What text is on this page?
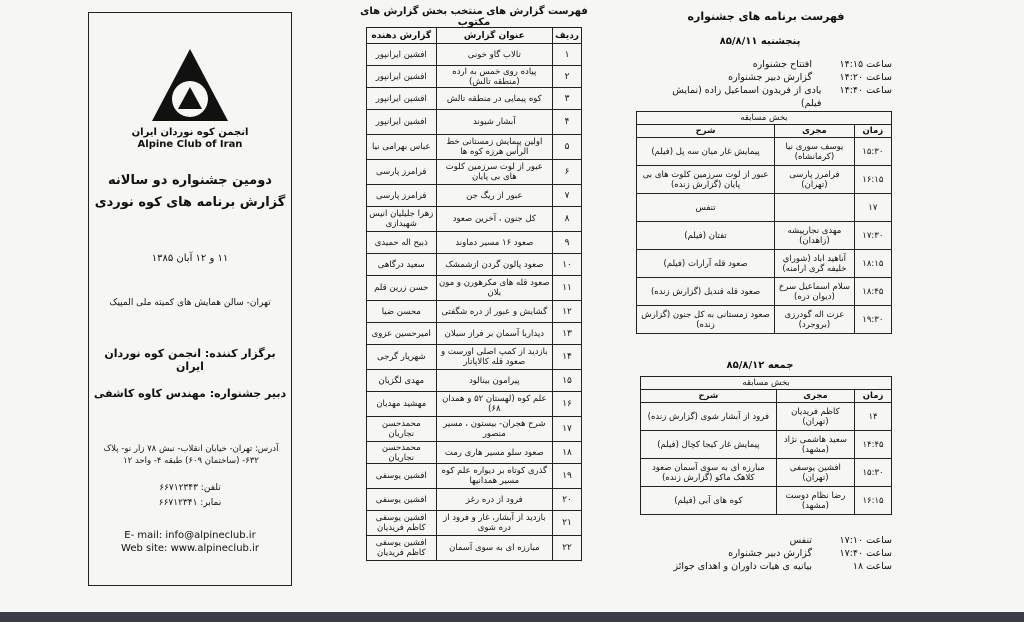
انجمن کوه نوردان ایران
Alpine Club of Iran
دومین جشنواره دو سالانه
گزارش برنامه های کوه نوردی
۱۱ و ۱۲ آبان ۱۳۸۵
تهران- سالن همایش های کمیته ملی المپیک
برگزار کننده: انجمن کوه نوردان ایران
دبیر جشنواره: مهندس کاوه کاشفی
آدرس: تهران- خیابان انقلاب- نبش ۷۸ زار نو- پلاک ۶۳۲- (ساختمان ۶۰۹) طبقه ۴- واحد ۱۲
تلفن: ۶۶۷۱۲۳۴۳
نمابر: ۶۶۷۱۲۳۴۱
E- mail: info@alpineclub.ir
Web site: www.alpineclub.ir
فهرست گزارش های منتخب بخش گزارش های مکتوب
ردیف	عنوان گزارش	گزارش دهنده
۱	تالاب گاو خونی	افشین ایرانپور
۲	پیاده روی خمس به ارده (منطقه تالش)	افشین ایرانپور
۳	کوه پیمایی در منطقه تالش	افشین ایرانپور
۴	آبشار شیوند	افشین ایرانپور
۵	اولین پیمایش زمستانی خط الرأس هرزه کوه ها	عباس بهرامی نیا
۶	عبور از لوت سرزمین کلوت های بی پایان	فرامرز پارسی
۷	عبور از ریگ جن	فرامرز پارسی
۸	کل جنون ، آخرین صعود	زهرا جلیلیان انیس شهیدازی
۹	صعود ۱۶ مسیر دماوند	ذبیح اله حمیدی
۱۰	صعود پالون گردن ازشمشک	سعید درگاهی
۱۱	صعود قله های مکرهورن و مون بلان	حسن زرین قلم
۱۲	گشایش و عبور از دره شگفتی	محسن ضیا
۱۳	دیداربا آسمان بر فراز سبلان	امیرحسین عزوی
۱۴	بازدید از کمپ اصلی اورست و صعود قله کالاپاتار	شهریار گرجی
۱۵	پیرامون بینالود	مهدی لگزیان
۱۶	علم کوه (لهستان ۵۲ و همدان ۶۸)	مهشید مهدیان
۱۷	شرح هجران- بیستون ، مسیر منصور	محمدحسن نجاریان
۱۸	صعود سلو مسیر هاری رمت	محمدحسن نجاریان
۱۹	گذری کوتاه بر دیواره علم کوه مسیر همدانیها	افشین یوسفی
۲۰	فرود از دره رغز	افشین یوسفی
۲۱	بازدید از آبشار، غار و فرود از دره شوی	افشین یوسفی کاظم فریدیان
۲۲	مبارزه ای به سوی آسمان	افشین یوسفی کاظم فریدیان
فهرست برنامه های جشنواره
پنجشنبه ۸۵/۸/۱۱
ساعت ۱۴:۱۵
افتتاح جشنواره
ساعت ۱۴:۲۰
گزارش دبیر جشنواره
ساعت ۱۴:۴۰
یادی از فریدون اسماعیل زاده (نمایش فیلم)
بخش مسابقه		
زمان	مجری	شرح
۱۵:۳۰	یوسف سوری نیا (کرمانشاه)	پیمایش غار میان سه پل (فیلم)
۱۶:۱۵	فرامرز پارسی (تهران)	عبور از لوت سرزمین کلوت های بی پایان (گزارش زنده)
۱۷		تنفس
۱۷:۳۰	مهدی نجارپیشه (زاهدان)	تفتان (فیلم)
۱۸:۱۵	آناهید اباد (شوراي خلیفه گری ارامنه)	صعود قله آرارات (فیلم)
۱۸:۴۵	سلام اسماعیل سرخ (دیوان دره)	صعود قله قندیل (گزارش زنده)
۱۹:۳۰	عزت اله گودرزی (بروجرد)	صعود زمستانی به کل جنون (گزارش زنده)
جمعه ۸۵/۸/۱۲
بخش مسابقه		
زمان	مجری	شرح
۱۴	کاظم فریدیان (تهران)	فرود از آبشار شوی (گزارش زنده)
۱۴:۴۵	سعید هاشمی نژاد (مشهد)	پیمایش غار کیجا کچال (فیلم)
۱۵:۳۰	افشین یوسفی (تهران)	مبارزه ای به سوی آسمان صعود کلاهک ماکو (گزارش زنده)
۱۶:۱۵	رضا نظام دوست (مشهد)	کوه های آبی (فیلم)
ساعت ۱۷:۱۰
تنفس
ساعت ۱۷:۴۰
گزارش دبیر جشنواره
ساعت ۱۸
بیانیه ی هیات داوران و اهدای جوائز
